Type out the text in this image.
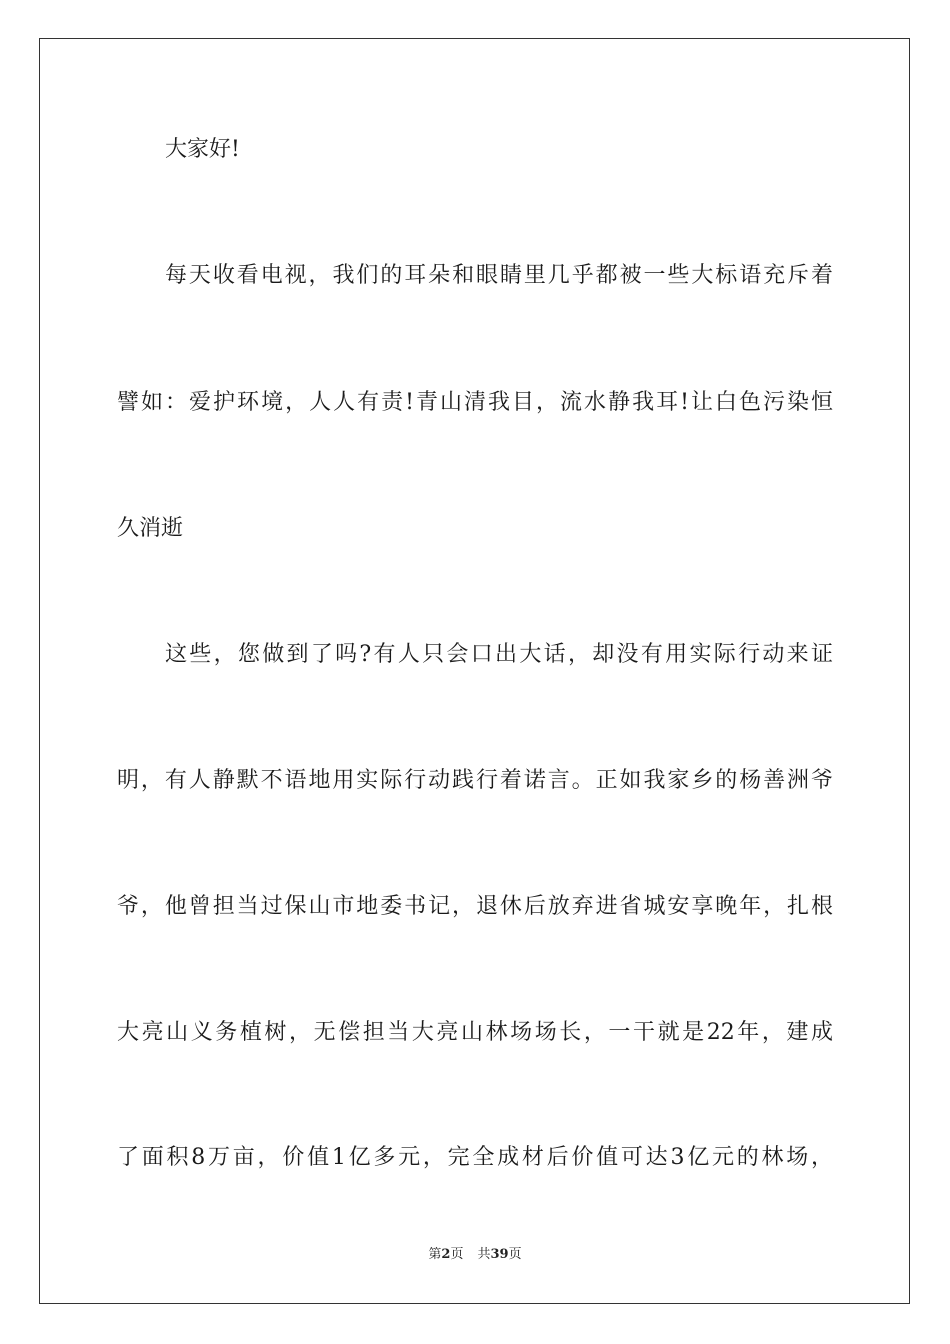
大家好!
每天收看电视，我们的耳朵和眼睛里几乎都被一些大标语充斥着
譬如：爱护环境，人人有责!青山清我目，流水静我耳!让白色污染恒
久消逝
这些，您做到了吗?有人只会口出大话，却没有用实际行动来证
明，有人静默不语地用实际行动践行着诺言。正如我家乡的杨善洲爷
爷，他曾担当过保山市地委书记，退休后放弃进省城安享晚年，扎根
大亮山义务植树，无偿担当大亮山林场场长，一干就是22年，建成
了面积8万亩，价值1亿多元，完全成材后价值可达3亿元的林场，
第2页 共39页
